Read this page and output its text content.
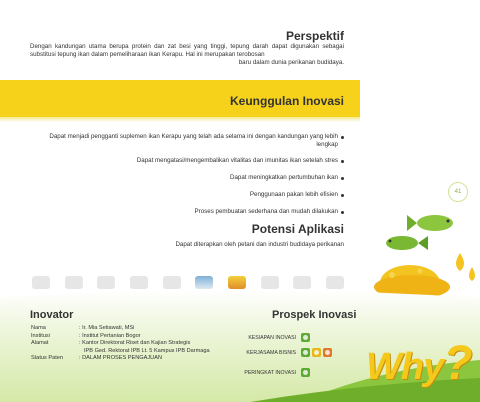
Perspektif
Dengan kandungan utama berupa protein dan zat besi yang tinggi, tepung darah dapat digunakan sebagai substitusi tepung ikan dalam pemeliharaan ikan Kerapu. Hal ini merupakan terobosan
baru dalam dunia perikanan budidaya.
Keunggulan Inovasi
Dapat menjadi pengganti suplemen ikan Kerapu yang telah ada selama ini dengan kandungan yang lebih lengkap
Dapat mengatasi/mengembalikan vitalitas dan imunitas ikan setelah stres
Dapat meningkatkan pertumbuhan ikan
Penggunaan pakan lebih efisien
Proses pembuatan sederhana dan mudah dilakukan
Potensi Aplikasi
Dapat diterapkan oleh petani dan industri budidaya perikanan
41
Inovator
Nama	: Ir. Mia Setiawati, MSi
Institusi	: Institut Pertanian Bogor
Alamat	: Kantor Direktorat Riset dan Kajian Strategis
IPB Ged. Rektorat IPB Lt. 5 Kampus IPB Darmaga
Status Paten	: DALAM PROSES PENGAJUAN
Prospek Inovasi
KESIAPAN INOVASI
KERJASAMA BISNIS
PERINGKAT INOVASI Why?
